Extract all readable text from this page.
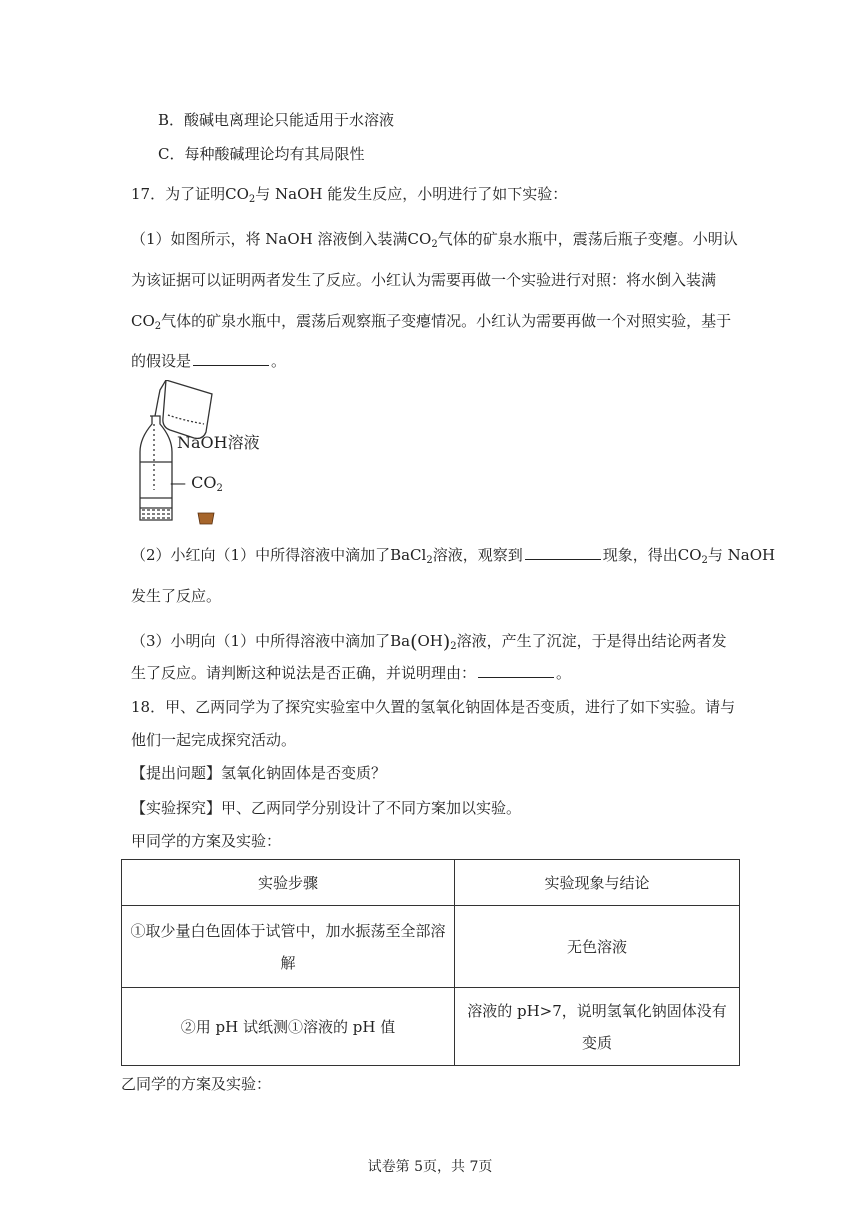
B．酸碱电离理论只能适用于水溶液
C．每种酸碱理论均有其局限性
17．为了证明$CO_2$与 NaOH 能发生反应，小明进行了如下实验：
（1）如图所示，将 NaOH 溶液倒入装满$CO_2$气体的矿泉水瓶中，震荡后瓶子变瘪。小明认
为该证据可以证明两者发生了反应。小红认为需要再做一个实验进行对照：将水倒入装满
$CO_2$气体的矿泉水瓶中，震荡后观察瓶子变瘪情况。小红认为需要再做一个对照实验，基于
的假设是	。
NaOH溶液
— $CO_2$
（2）小红向（1）中所得溶液中滴加了BaCl$_2$溶液，观察到	现象，得出$CO_2$与 NaOH
发生了反应。
（3）小明向（1）中所得溶液中滴加了$Ba(OH)_2$溶液，产生了沉淀，于是得出结论两者发
生了反应。请判断这种说法是否正确，并说明理由：	。
18．甲、乙两同学为了探究实验室中久置的氢氧化钠固体是否变质，进行了如下实验。请与
他们一起完成探究活动。
【提出问题】氢氧化钠固体是否变质？
【实验探究】甲、乙两同学分别设计了不同方案加以实验。
甲同学的方案及实验：
实验步骤	实验现象与结论
①取少量白色固体于试管中，加水振荡至全部溶解	无色溶液
②用 pH 试纸测①溶液的 pH 值	溶液的 pH>7，说明氢氧化钠固体没有变质
乙同学的方案及实验：
试卷第 5页，共 7页
